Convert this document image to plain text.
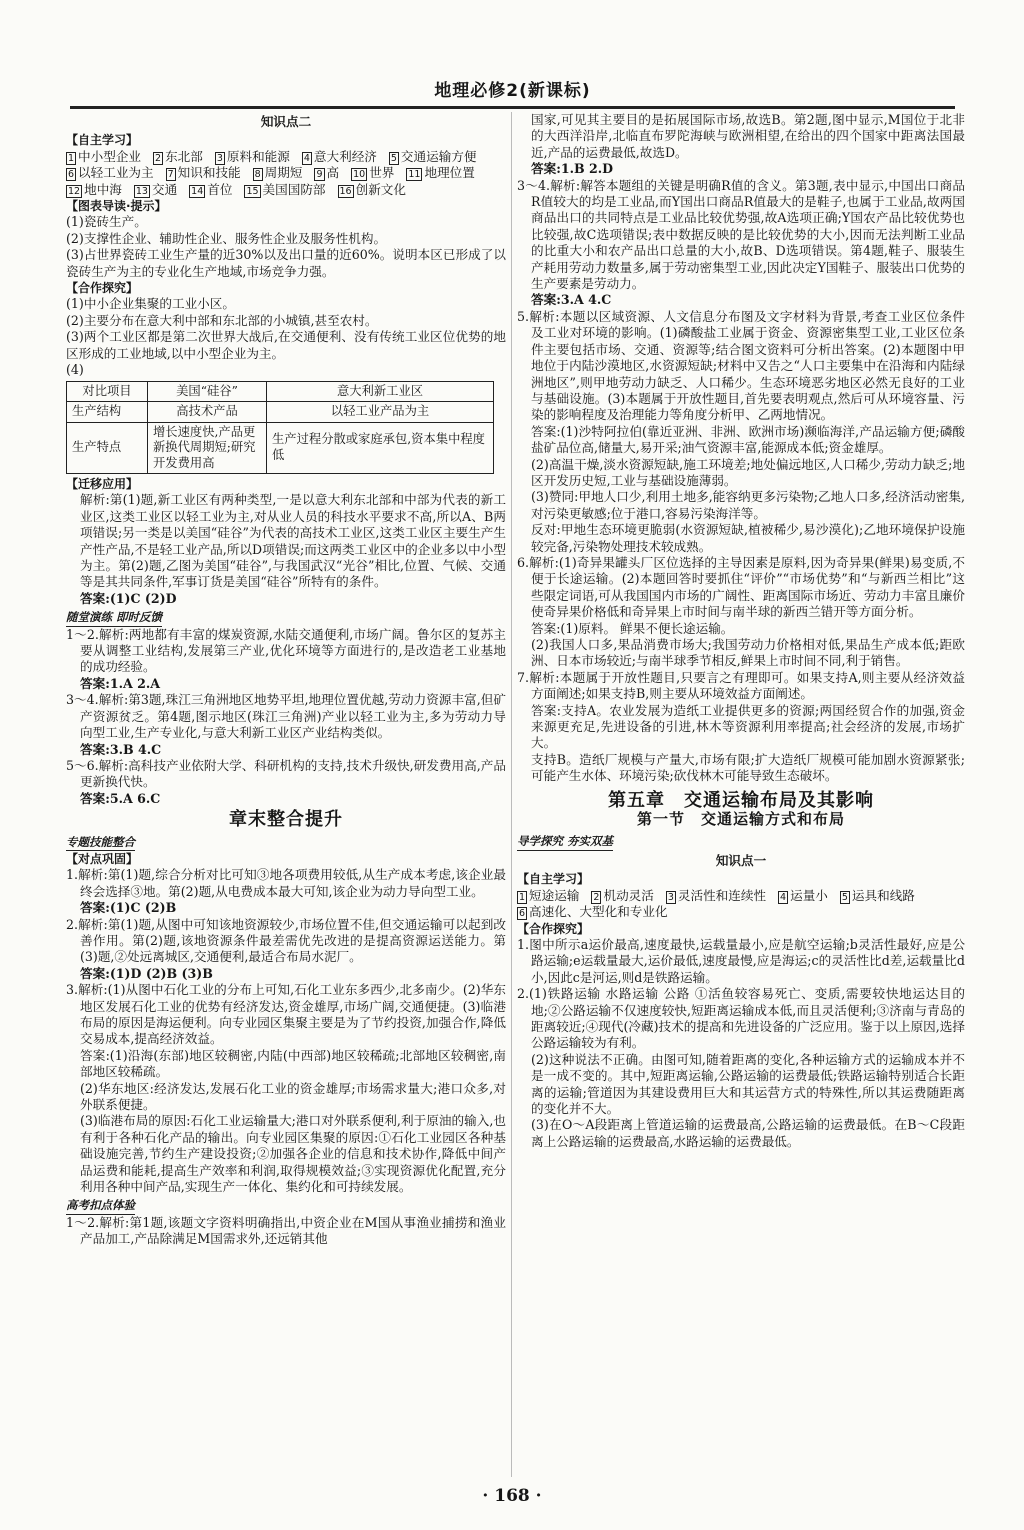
地理必修2(新课标)
知识点二
【自主学习】
1 中小型企业 2 东北部 3 原料和能源 4 意大利经济 5 交通运输方便
6 以轻工业为主 7 知识和技能 8 周期短 9 高 10 世界 11 地理位置
12 地中海 13 交通 14 首位 15 美国国防部 16 创新文化
【图表导读·提示】

(1)瓷砖生产。

(2)支撑性企业、辅助性企业、服务性企业及服务性机构。

(3)占世界瓷砖工业生产量的近30%以及出口量的近60%。说明本区已形成了以瓷砖生产为主的专业化生产地域,市场竞争力强。

【合作探究】

(1)中小企业集聚的工业小区。

(2)主要分布在意大利中部和东北部的小城镇,甚至农村。

(3)两个工业区都是第二次世界大战后,在交通便利、没有传统工业区位优势的地区形成的工业地域,以中小型企业为主。

(4)

对比项目	美国“硅谷”	意大利新工业区
生产结构	高技术产品	以轻工业产品为主
生产特点	增长速度快,产品更新换代周期短;研究开发费用高	生产过程分散或家庭承包,资本集中程度低
【迁移应用】

解析:第(1)题,新工业区有两种类型,一是以意大利东北部和中部为代表的新工业区,这类工业区以轻工业为主,对从业人员的科技水平要求不高,所以A、B两项错误;另一类是以美国“硅谷”为代表的高技术工业区,这类工业区主要生产生产性产品,不是轻工业产品,所以D项错误;而这两类工业区中的企业多以中小型为主。第(2)题,乙图为美国“硅谷”,与我国武汉“光谷”相比,位置、气候、交通等是其共同条件,军事订货是美国“硅谷”所特有的条件。

答案:(1)C (2)D

随堂演练 即时反馈

1～2.解析:两地都有丰富的煤炭资源,水陆交通便利,市场广阔。鲁尔区的复苏主要从调整工业结构,发展第三产业,优化环境等方面进行的,是改造老工业基地的成功经验。

答案:1.A 2.A

3～4.解析:第3题,珠江三角洲地区地势平坦,地理位置优越,劳动力资源丰富,但矿产资源贫乏。第4题,图示地区(珠江三角洲)产业以轻工业为主,多为劳动力导向型工业,生产专业化,与意大利新工业区产业结构类似。

答案:3.B 4.C

5～6.解析:高科技产业依附大学、科研机构的支持,技术升级快,研发费用高,产品更新换代快。

答案:5.A 6.C

章末整合提升
专题技能整合
【对点巩固】

1.解析:第(1)题,综合分析对比可知③地各项费用较低,从生产成本考虑,该企业最终会选择③地。第(2)题,从电费成本最大可知,该企业为动力导向型工业。

答案:(1)C (2)B

2.解析:第(1)题,从图中可知该地资源较少,市场位置不佳,但交通运输可以起到改善作用。第(2)题,该地资源条件最差需优先改进的是提高资源运送能力。第(3)题,②处远离城区,交通便利,最适合布局水泥厂。

答案:(1)D (2)B (3)B

3.解析:(1)从图中石化工业的分布上可知,石化工业东多西少,北多南少。(2)华东地区发展石化工业的优势有经济发达,资金雄厚,市场广阔,交通便捷。(3)临港布局的原因是海运便利。向专业园区集聚主要是为了节约投资,加强合作,降低交易成本,提高经济效益。

答案:(1)沿海(东部)地区较稠密,内陆(中西部)地区较稀疏;北部地区较稠密,南部地区较稀疏。

(2)华东地区:经济发达,发展石化工业的资金雄厚;市场需求量大;港口众多,对外联系便捷。

(3)临港布局的原因:石化工业运输量大;港口对外联系便利,利于原油的输入,也有利于各种石化产品的输出。向专业园区集聚的原因:①石化工业园区各种基础设施完善,节约生产建设投资;②加强各企业的信息和技术协作,降低中间产品运费和能耗,提高生产效率和利润,取得规模效益;③实现资源优化配置,充分利用各种中间产品,实现生产一体化、集约化和可持续发展。

高考扣点体验

1～2.解析:第1题,该题文字资料明确指出,中资企业在M国从事渔业捕捞和渔业产品加工,产品除满足M国需求外,还远销其他

国家,可见其主要目的是拓展国际市场,故选B。第2题,图中显示,M国位于北非的大西洋沿岸,北临直布罗陀海峡与欧洲相望,在给出的四个国家中距离法国最近,产品的运费最低,故选D。

答案:1.B 2.D

3～4.解析:解答本题组的关键是明确R值的含义。第3题,表中显示,中国出口商品R值较大的均是工业品,而Y国出口商品R值最大的是鞋子,也属于工业品,故两国商品出口的共同特点是工业品比较优势强,故A选项正确;Y国农产品比较优势也比较强,故C选项错误;表中数据反映的是比较优势的大小,因而无法判断工业品的比重大小和农产品出口总量的大小,故B、D选项错误。第4题,鞋子、服装生产耗用劳动力数量多,属于劳动密集型工业,因此决定Y国鞋子、服装出口优势的生产要素是劳动力。

答案:3.A 4.C

5.解析:本题以区域资源、人文信息分布图及文字材料为背景,考查工业区位条件及工业对环境的影响。(1)磷酸盐工业属于资金、资源密集型工业,工业区位条件主要包括市场、交通、资源等;结合图文资料可分析出答案。(2)本题图中甲地位于内陆沙漠地区,水资源短缺;材料中又告之“人口主要集中在沿海和内陆绿洲地区”,则甲地劳动力缺乏、人口稀少。生态环境恶劣地区必然无良好的工业与基础设施。(3)本题属于开放性题目,首先要表明观点,然后可从环境容量、污染的影响程度及治理能力等角度分析甲、乙两地情况。

答案:(1)沙特阿拉伯(靠近亚洲、非洲、欧洲市场)濒临海洋,产品运输方便;磷酸盐矿品位高,储量大,易开采;油气资源丰富,能源成本低;资金雄厚。

(2)高温干燥,淡水资源短缺,施工环境差;地处偏远地区,人口稀少,劳动力缺乏;地区开发历史短,工业与基础设施薄弱。

(3)赞同:甲地人口少,利用土地多,能容纳更多污染物;乙地人口多,经济活动密集,对污染更敏感;位于港口,容易污染海洋等。

反对:甲地生态环境更脆弱(水资源短缺,植被稀少,易沙漠化);乙地环境保护设施较完备,污染物处理技术较成熟。

6.解析:(1)奇异果罐头厂区位选择的主导因素是原料,因为奇异果(鲜果)易变质,不便于长途运输。(2)本题回答时要抓住“评价”“市场优势”和“与新西兰相比”这些限定词语,可从我国国内市场的广阔性、距离国际市场近、劳动力丰富且廉价使奇异果价格低和奇异果上市时间与南半球的新西兰错开等方面分析。

答案:(1)原料。 鲜果不便长途运输。

(2)我国人口多,果品消费市场大;我国劳动力价格相对低,果品生产成本低;距欧洲、日本市场较近;与南半球季节相反,鲜果上市时间不同,利于销售。

7.解析:本题属于开放性题目,只要言之有理即可。如果支持A,则主要从经济效益方面阐述;如果支持B,则主要从环境效益方面阐述。

答案:支持A。农业发展为造纸工业提供更多的资源;两国经贸合作的加强,资金来源更充足,先进设备的引进,林木等资源利用率提高;社会经济的发展,市场扩大。

支持B。造纸厂规模与产量大,市场有限;扩大造纸厂规模可能加剧水资源紧张;可能产生水体、环境污染;砍伐林木可能导致生态破坏。

第五章　交通运输布局及其影响
第一节　交通运输方式和布局
导学探究 夯实双基
知识点一
【自主学习】
1 短途运输 2 机动灵活 3 灵活性和连续性 4 运量小 5 运具和线路
6 高速化、大型化和专业化
【合作探究】

1.图中所示a运价最高,速度最快,运载量最小,应是航空运输;b灵活性最好,应是公路运输;e运载量最大,运价最低,速度最慢,应是海运;c的灵活性比d差,运载量比d小,因此c是河运,则d是铁路运输。

2.(1)铁路运输 水路运输 公路 ①活鱼较容易死亡、变质,需要较快地运达目的地;②公路运输不仅速度较快,短距离运输成本低,而且灵活便利;③济南与青岛的距离较近;④现代(冷藏)技术的提高和先进设备的广泛应用。鉴于以上原因,选择公路运输较为有利。

(2)这种说法不正确。由图可知,随着距离的变化,各种运输方式的运输成本并不是一成不变的。其中,短距离运输,公路运输的运费最低;铁路运输特别适合长距离的运输;管道因为其建设费用巨大和其运营方式的特殊性,所以其运费随距离的变化并不大。

(3)在O～A段距离上管道运输的运费最高,公路运输的运费最低。在B～C段距离上公路运输的运费最高,水路运输的运费最低。

· 168 ·
